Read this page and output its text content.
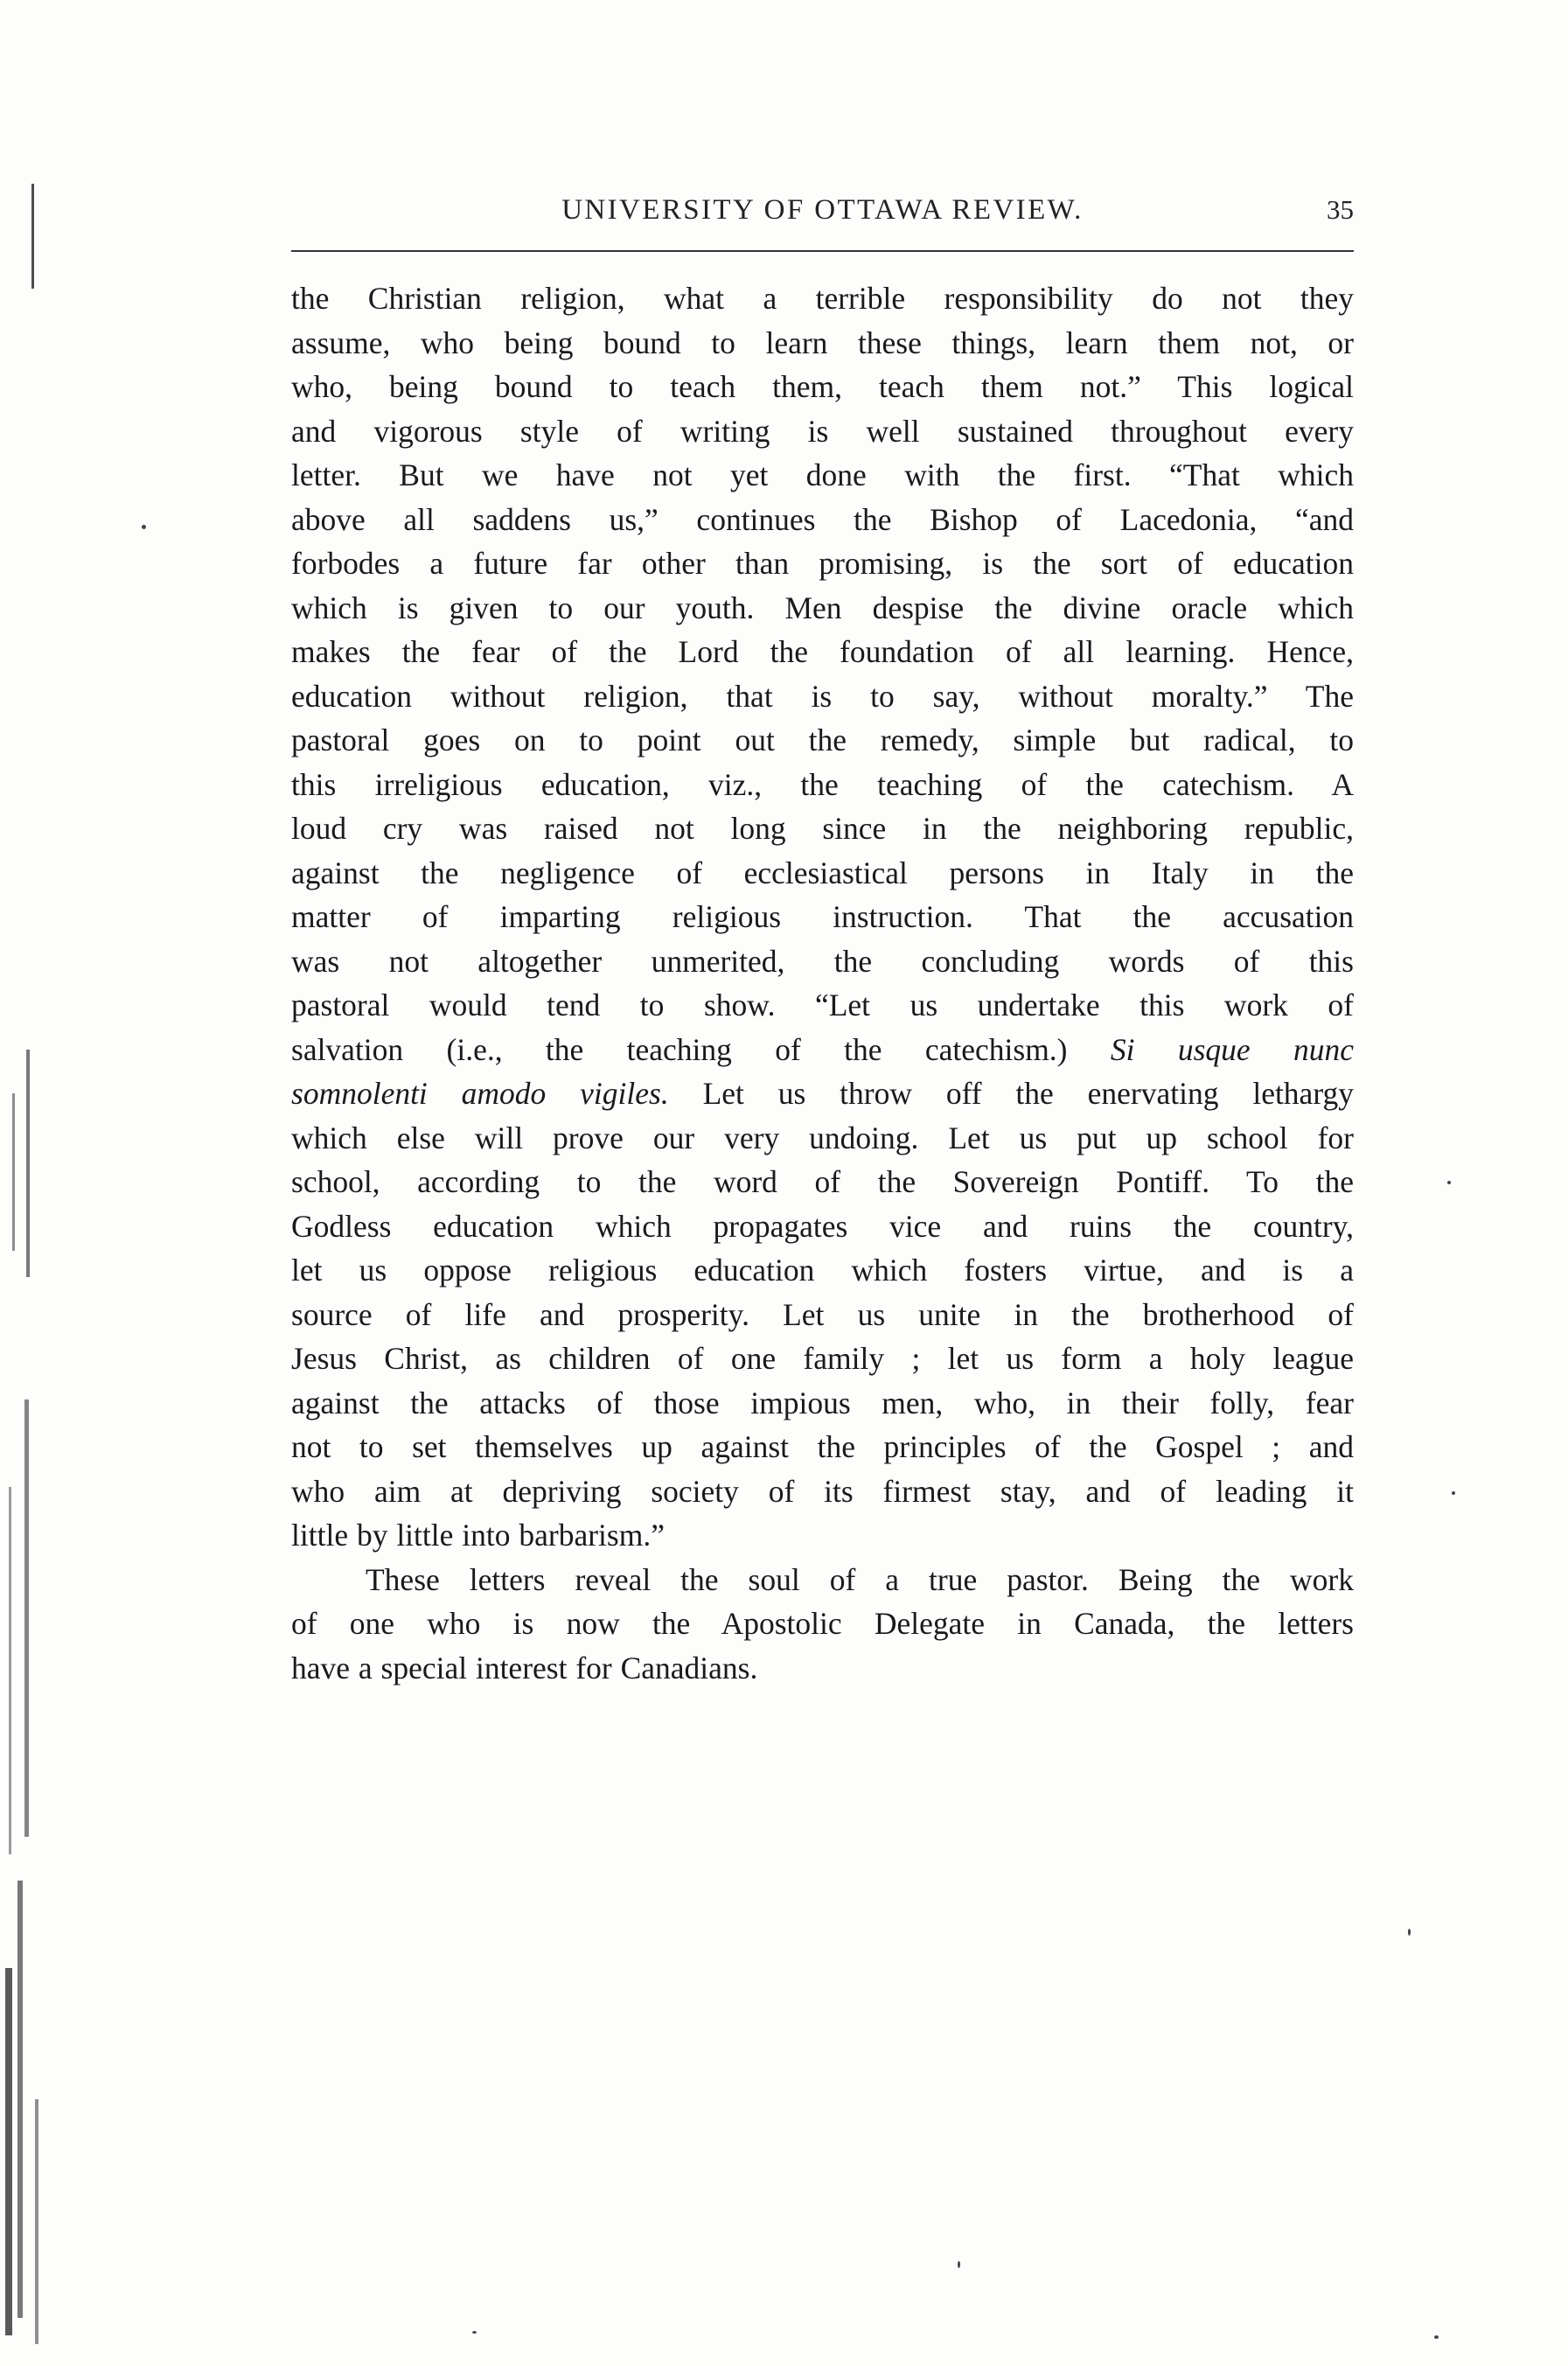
UNIVERSITY OF OTTAWA REVIEW.	35
the Christian religion, what a terrible responsibility do not they
assume, who being bound to learn these things, learn them not, or
who, being bound to teach them, teach them not.” This logical
and vigorous style of writing is well sustained throughout every
letter. But we have not yet done with the first. “That which
above all saddens us,” continues the Bishop of Lacedonia, “and
forbodes a future far other than promising, is the sort of education
which is given to our youth. Men despise the divine oracle which
makes the fear of the Lord the foundation of all learning. Hence,
education without religion, that is to say, without moralty.” The
pastoral goes on to point out the remedy, simple but radical, to
this irreligious education, viz., the teaching of the catechism. A
loud cry was raised not long since in the neighboring republic,
against the negligence of ecclesiastical persons in Italy in the
matter of imparting religious instruction. That the accusation
was not altogether unmerited, the concluding words of this
pastoral would tend to show. “Let us undertake this work of
salvation (i.e., the teaching of the catechism.) Si usque nunc
somnolenti amodo vigiles. Let us throw off the enervating lethargy
which else will prove our very undoing. Let us put up school for
school, according to the word of the Sovereign Pontiff. To the
Godless education which propagates vice and ruins the country,
let us oppose religious education which fosters virtue, and is a
source of life and prosperity. Let us unite in the brotherhood of
Jesus Christ, as children of one family ; let us form a holy league
against the attacks of those impious men, who, in their folly, fear
not to set themselves up against the principles of the Gospel ; and
who aim at depriving society of its firmest stay, and of leading it
little by little into barbarism.”
These letters reveal the soul of a true pastor. Being the work
of one who is now the Apostolic Delegate in Canada, the letters
have a special interest for Canadians.
